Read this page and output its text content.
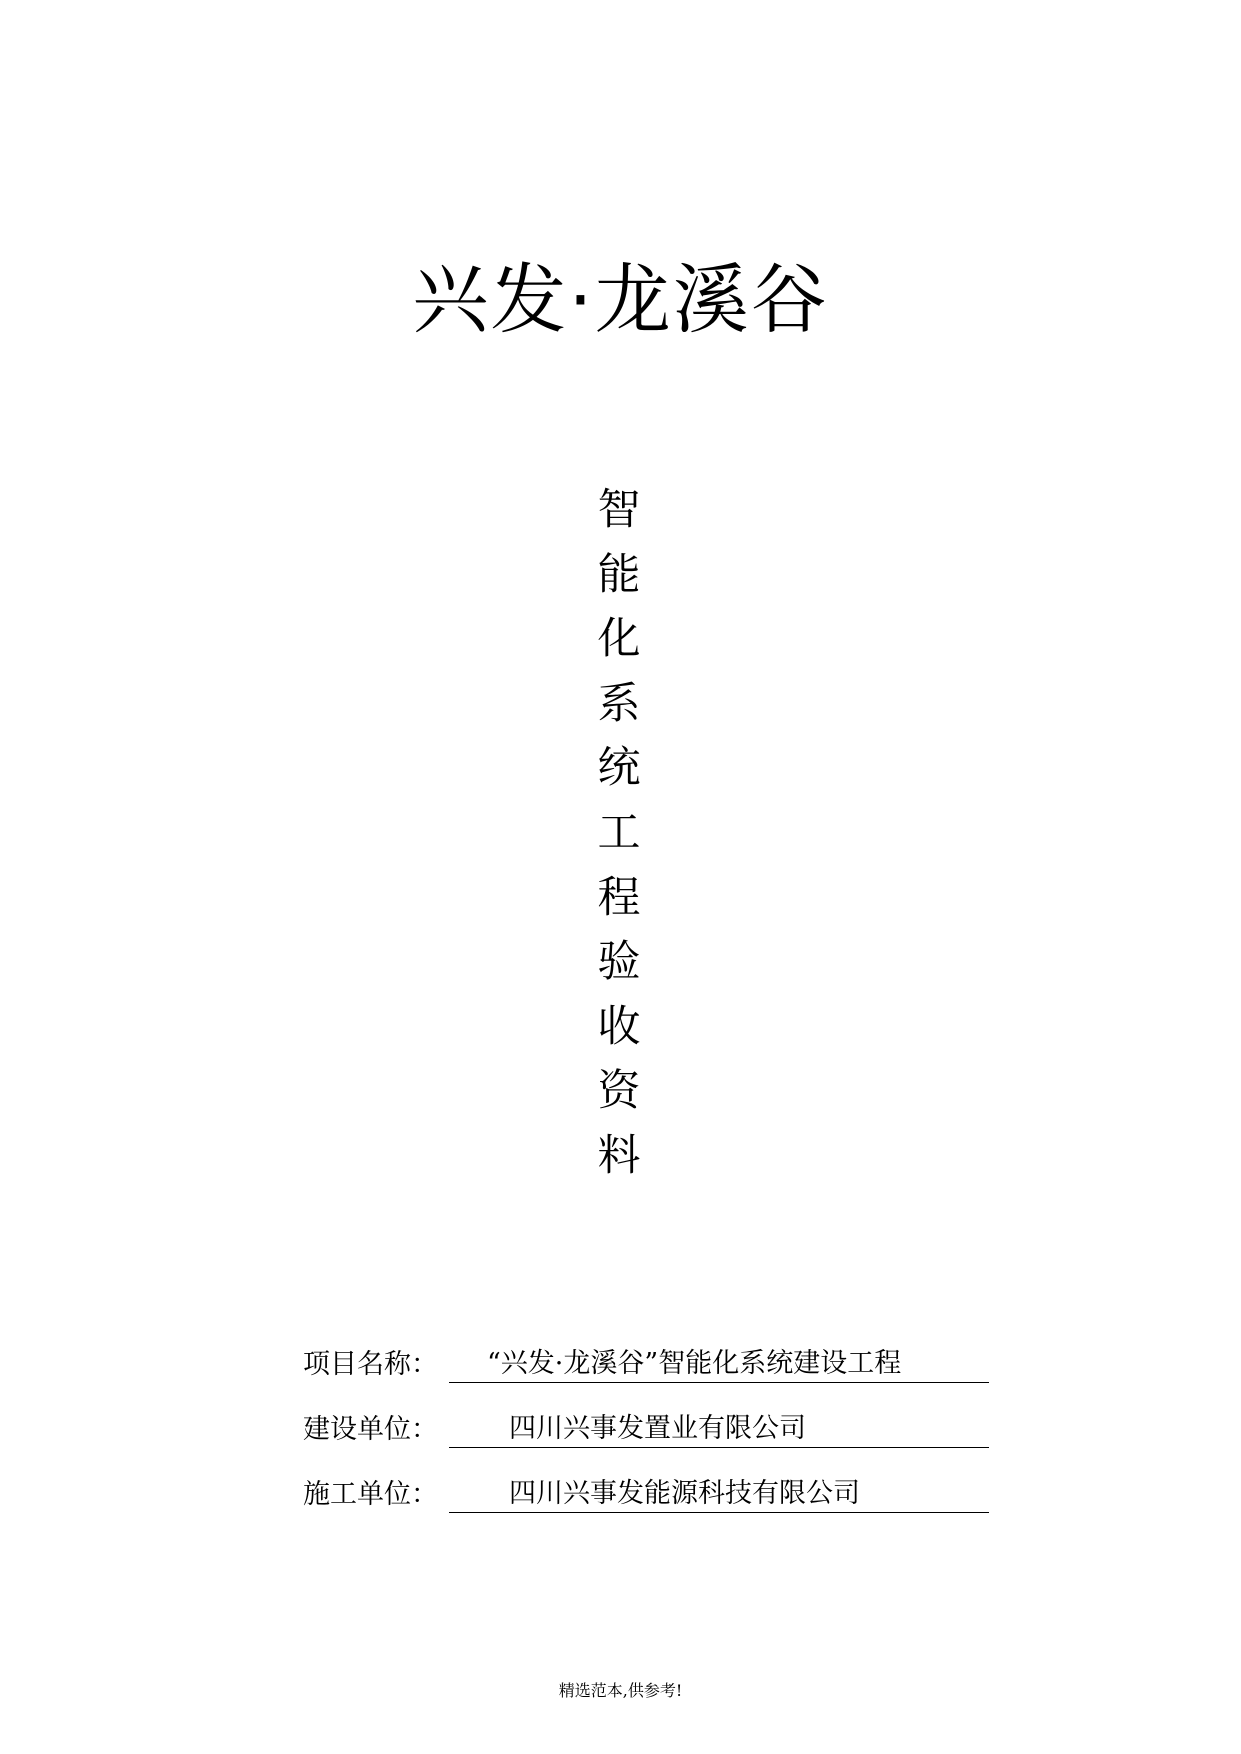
兴发·龙溪谷
智
能
化
系
统
工
程
验
收
资
料
项目名称：	“兴发·龙溪谷”智能化系统建设工程
建设单位：	四川兴事发置业有限公司
施工单位：	四川兴事发能源科技有限公司
精选范本,供参考!
